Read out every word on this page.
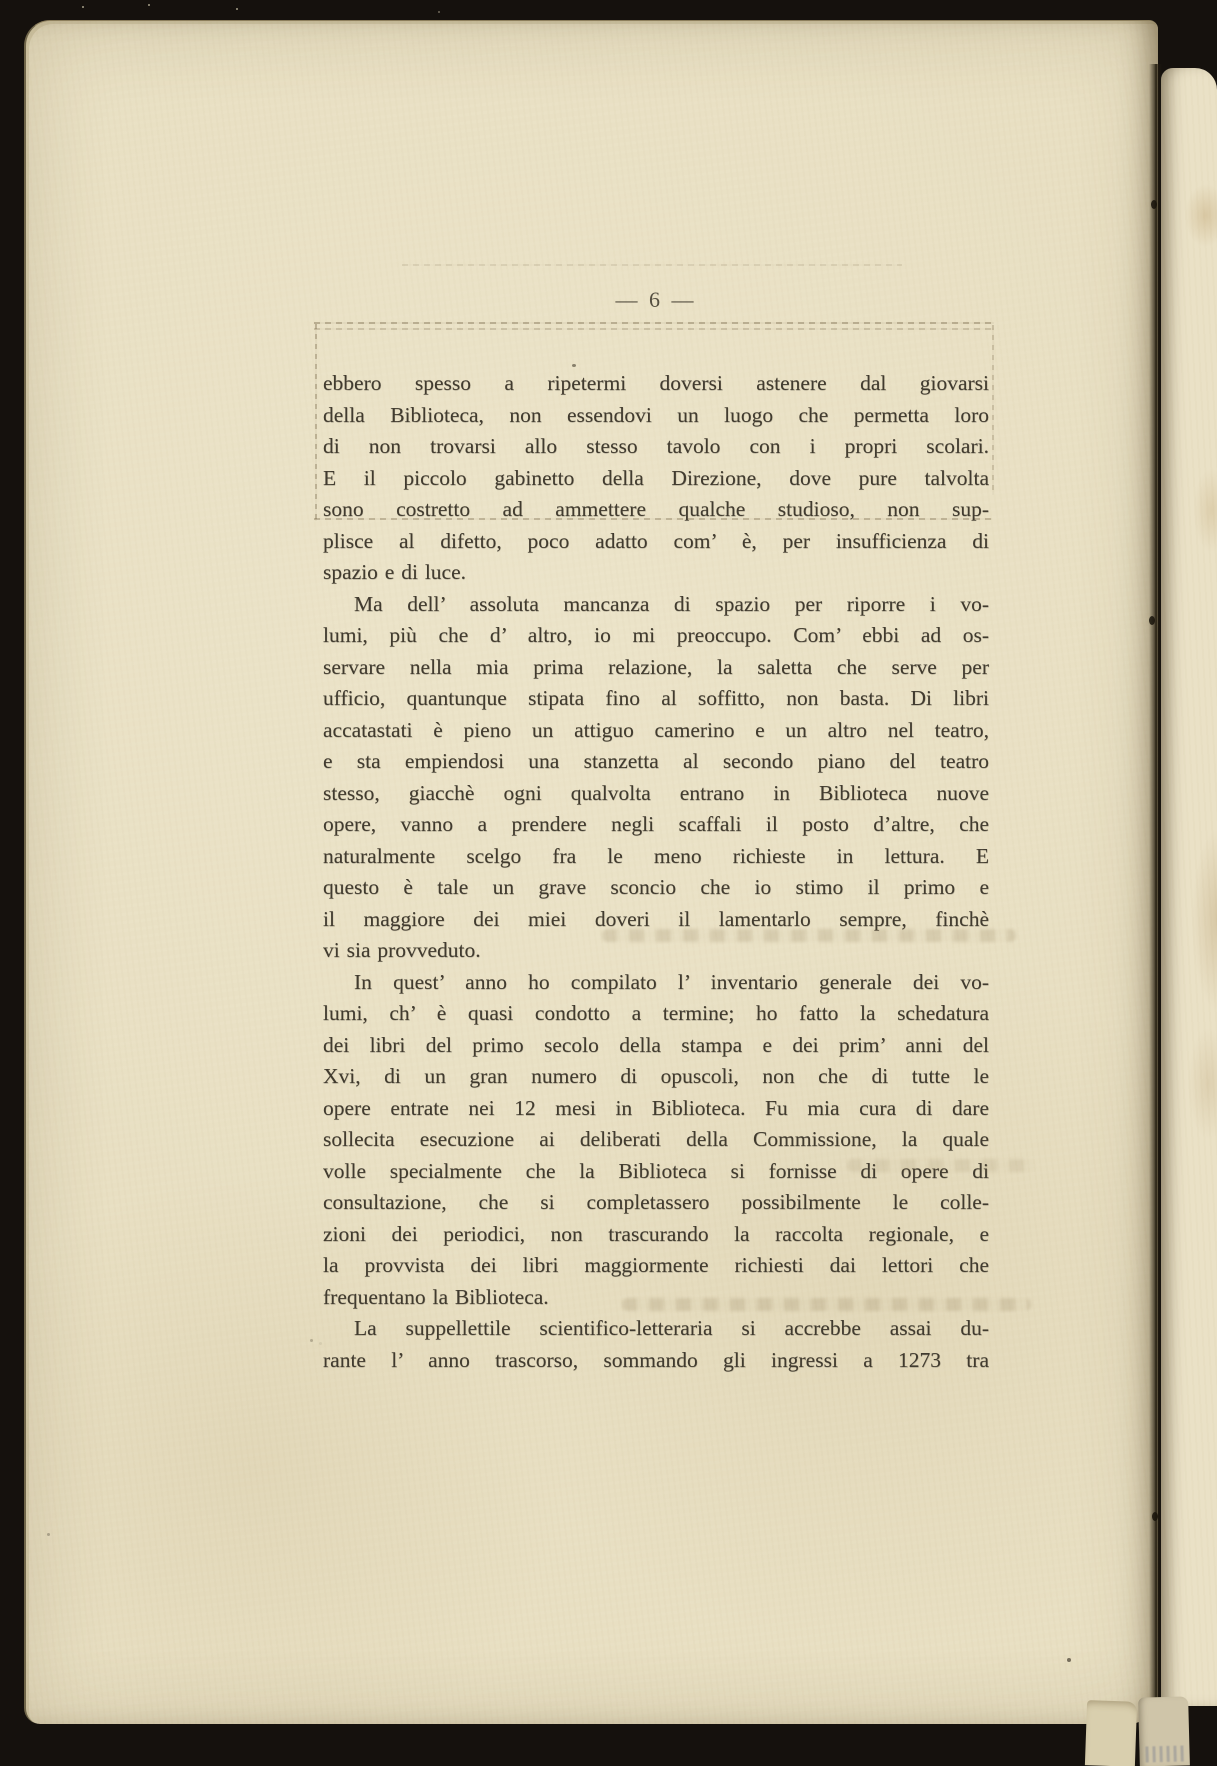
— 6 —
ebbero spesso a ripetermi doversi astenere dal giovarsi
della Biblioteca, non essendovi un luogo che permetta loro
di non trovarsi allo stesso tavolo con i propri scolari.
E il piccolo gabinetto della Direzione, dove pure talvolta
sono costretto ad ammettere qualche studioso, non sup-
plisce al difetto, poco adatto com’ è, per insufficienza di
spazio e di luce.
Ma dell’ assoluta mancanza di spazio per riporre i vo-
lumi, più che d’ altro, io mi preoccupo. Com’ ebbi ad os-
servare nella mia prima relazione, la saletta che serve per
ufficio, quantunque stipata fino al soffitto, non basta. Di libri
accatastati è pieno un attiguo camerino e un altro nel teatro,
e sta empiendosi una stanzetta al secondo piano del teatro
stesso, giacchè ogni qualvolta entrano in Biblioteca nuove
opere, vanno a prendere negli scaffali il posto d’altre, che
naturalmente scelgo fra le meno richieste in lettura. E
questo è tale un grave sconcio che io stimo il primo e
il maggiore dei miei doveri il lamentarlo sempre, finchè
vi sia provveduto.
In quest’ anno ho compilato l’ inventario generale dei vo-
lumi, ch’ è quasi condotto a termine; ho fatto la schedatura
dei libri del primo secolo della stampa e dei prim’ anni del
Xvi, di un gran numero di opuscoli, non che di tutte le
opere entrate nei 12 mesi in Biblioteca. Fu mia cura di dare
sollecita esecuzione ai deliberati della Commissione, la quale
volle specialmente che la Biblioteca si fornisse di opere di
consultazione, che si completassero possibilmente le colle-
zioni dei periodici, non trascurando la raccolta regionale, e
la provvista dei libri maggiormente richiesti dai lettori che
frequentano la Biblioteca.
La suppellettile scientifico-letteraria si accrebbe assai du-
rante l’ anno trascorso, sommando gli ingressi a 1273 tra
